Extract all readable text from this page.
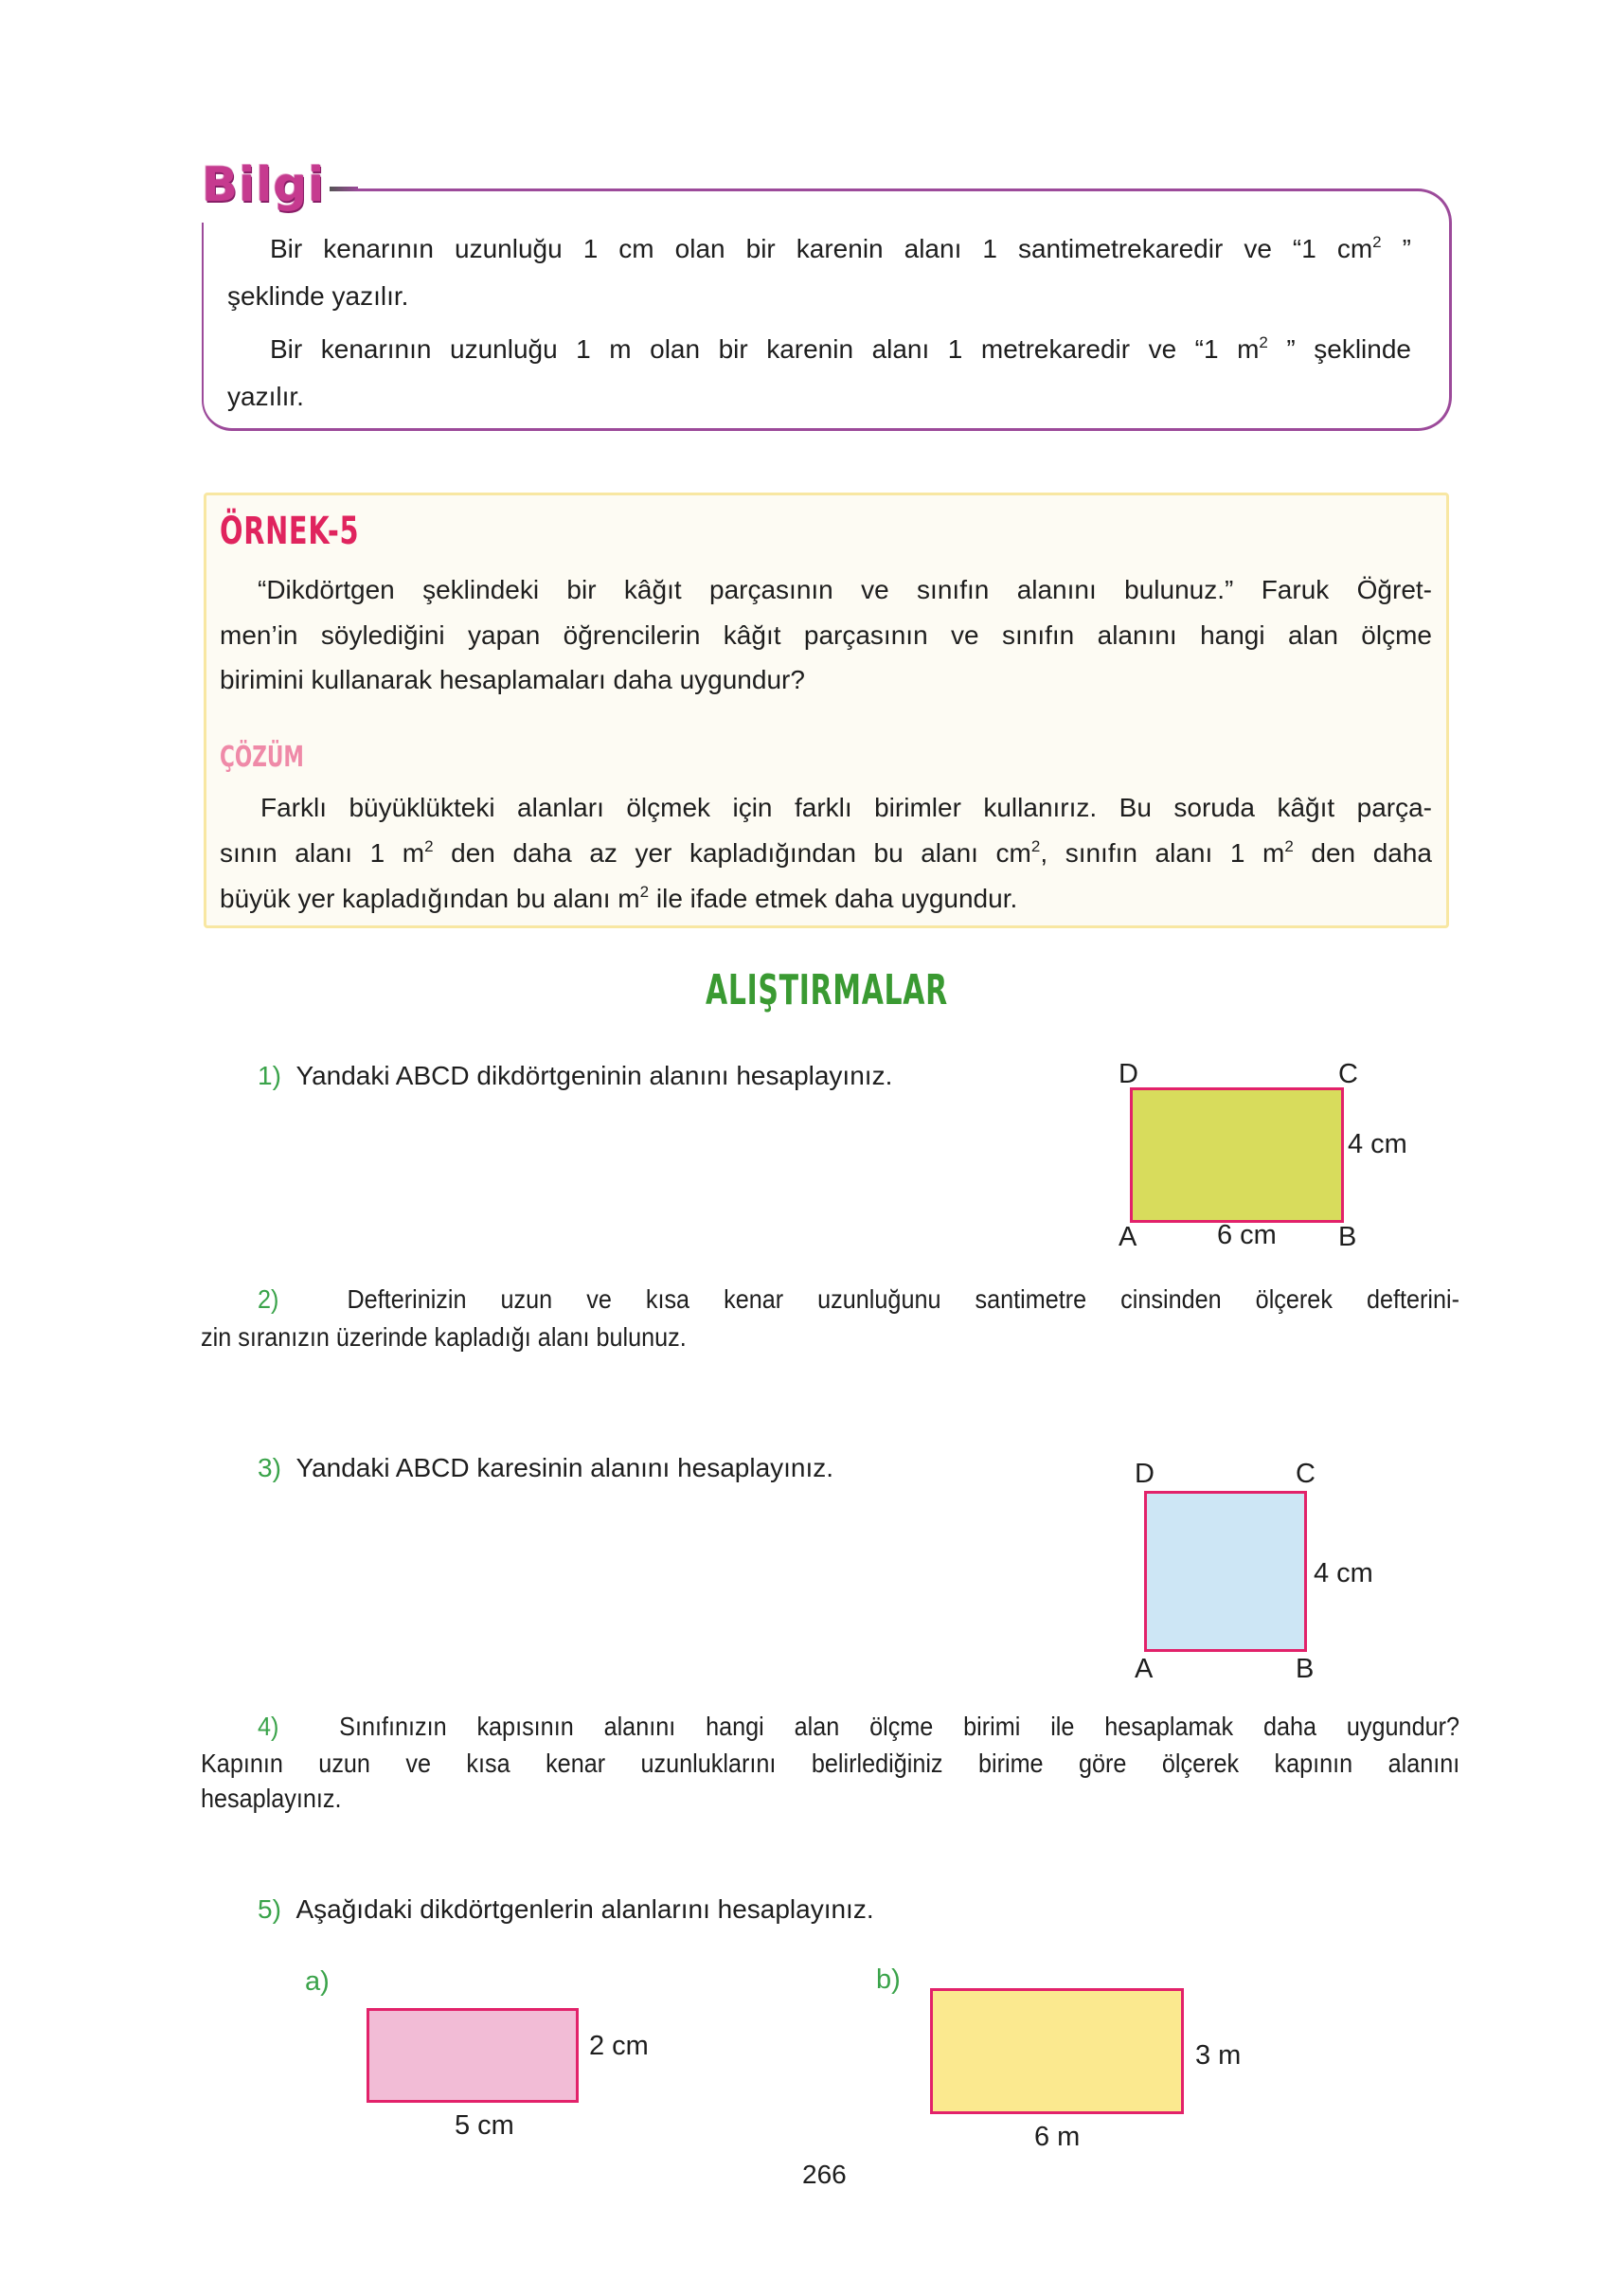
Bilgi
Bir kenarının uzunluğu 1 cm olan bir karenin alanı 1 santimetrekaredir ve “1 $cm^2$ ”
şeklinde yazılır.
Bir kenarının uzunluğu 1 m olan bir karenin alanı 1 metrekaredir ve “1 $m^2$ ” şeklinde
yazılır.
ÖRNEK-5
“Dikdörtgen şeklindeki bir kâğıt parçasının ve sınıfın alanını bulunuz.” Faruk Öğret-
men’in söylediğini yapan öğrencilerin kâğıt parçasının ve sınıfın alanını hangi alan ölçme
birimini kullanarak hesaplamaları daha uygundur?
ÇÖZÜM
Farklı büyüklükteki alanları ölçmek için farklı birimler kullanırız. Bu soruda kâğıt parça-
sının alanı 1 $m^2$ den daha az yer kapladığından bu alanı $cm^2$, sınıfın alanı 1 $m^2$ den daha
büyük yer kapladığından bu alanı $m^2$ ile ifade etmek daha uygundur.
ALIŞTIRMALAR
1) Yandaki ABCD dikdörtgeninin alanını hesaplayınız.	D	C
4 cm
A	6 cm B
2)	Defterinizin uzun ve kısa kenar uzunluğunu santimetre cinsinden ölçerek defterini-
zin sıranızın üzerinde kapladığı alanı bulunuz.
3) Yandaki ABCD karesinin alanını hesaplayınız.	D	C
4 cm
A	B
4) Sınıfınızın kapısının alanını hangi alan ölçme birimi ile hesaplamak daha uygundur?
Kapının uzun ve kısa kenar uzunluklarını belirlediğiniz birime göre ölçerek kapının alanını
hesaplayınız.
5) Aşağıdaki dikdörtgenlerin alanlarını hesaplayınız.
a)
2 cm
5 cm
b)
3 m
6 m
266
